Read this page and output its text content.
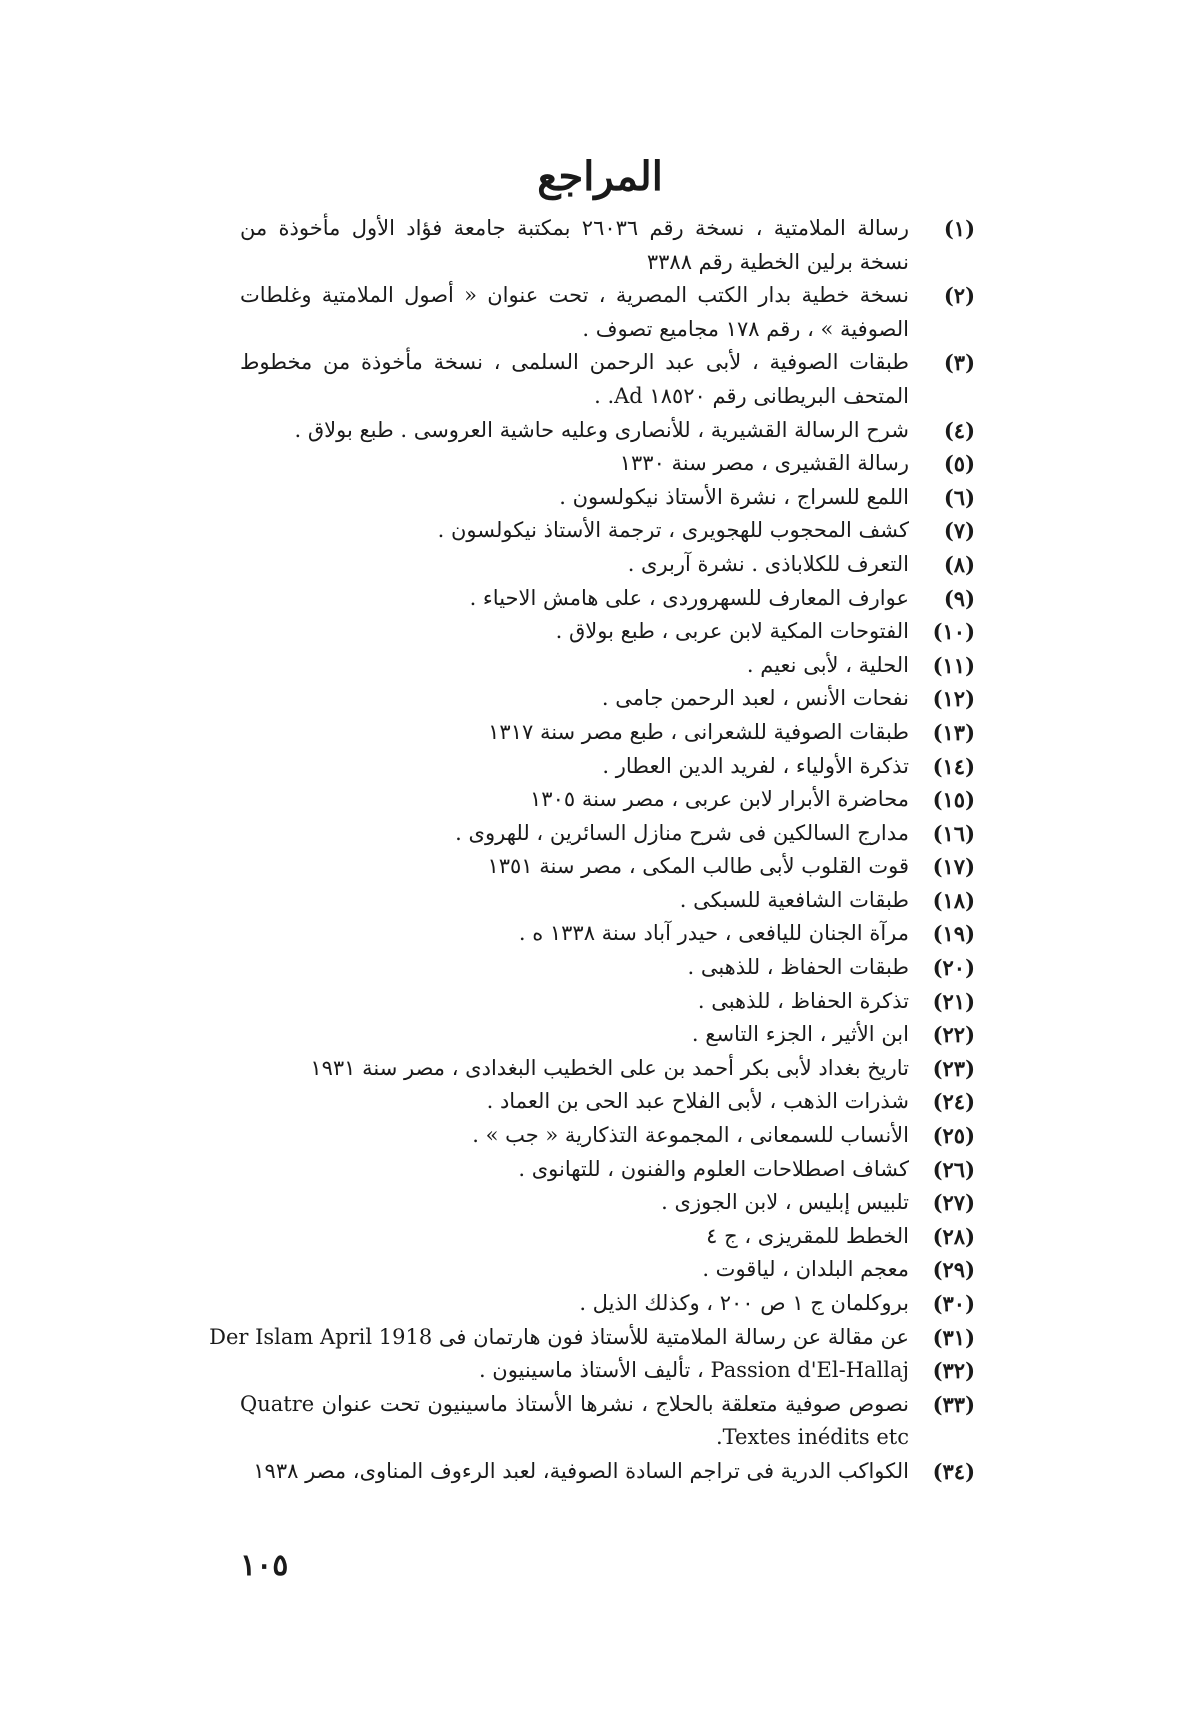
المراجع
(١)
رسالة الملامتية ، نسخة رقم ٢٦٠٣٦ بمكتبة جامعة فؤاد الأول مأخوذة من نسخة برلين الخطية رقم ٣٣٨٨
(٢)
نسخة خطية بدار الكتب المصرية ، تحت عنوان « أصول الملامتية وغلطات الصوفية » ، رقم ١٧٨ مجاميع تصوف .
(٣)
طبقات الصوفية ، لأبى عبد الرحمن السلمى ، نسخة مأخوذة من مخطوط المتحف البريطانى رقم ١٨٥٢٠ Ad. .
(٤)
شرح الرسالة القشيرية ، للأنصارى وعليه حاشية العروسى . طبع بولاق .
(٥)
رسالة القشيرى ، مصر سنة ١٣٣٠
(٦)
اللمع للسراج ، نشرة الأستاذ نيكولسون .
(٧)
كشف المحجوب للهجويرى ، ترجمة الأستاذ نيكولسون .
(٨)
التعرف للكلاباذى . نشرة آربرى .
(٩)
عوارف المعارف للسهروردى ، على هامش الاحياء .
(١٠)
الفتوحات المكية لابن عربى ، طبع بولاق .
(١١)
الحلية ، لأبى نعيم .
(١٢)
نفحات الأنس ، لعبد الرحمن جامى .
(١٣)
طبقات الصوفية للشعرانى ، طبع مصر سنة ١٣١٧
(١٤)
تذكرة الأولياء ، لفريد الدين العطار .
(١٥)
محاضرة الأبرار لابن عربى ، مصر سنة ١٣٠٥
(١٦)
مدارج السالكين فى شرح منازل السائرين ، للهروى .
(١٧)
قوت القلوب لأبى طالب المكى ، مصر سنة ١٣٥١
(١٨)
طبقات الشافعية للسبكى .
(١٩)
مرآة الجنان لليافعى ، حيدر آباد سنة ١٣٣٨ ه .
(٢٠)
طبقات الحفاظ ، للذهبى .
(٢١)
تذكرة الحفاظ ، للذهبى .
(٢٢)
ابن الأثير ، الجزء التاسع .
(٢٣)
تاريخ بغداد لأبى بكر أحمد بن على الخطيب البغدادى ، مصر سنة ١٩٣١
(٢٤)
شذرات الذهب ، لأبى الفلاح عبد الحى بن العماد .
(٢٥)
الأنساب للسمعانى ، المجموعة التذكارية « جب » .
(٢٦)
كشاف اصطلاحات العلوم والفنون ، للتهانوى .
(٢٧)
تلبيس إبليس ، لابن الجوزى .
(٢٨)
الخطط للمقريزى ، ج ٤
(٢٩)
معجم البلدان ، لياقوت .
(٣٠)
بروكلمان ج ١ ص ٢٠٠ ، وكذلك الذيل .
(٣١)
عن مقالة عن رسالة الملامتية للأستاذ فون هارتمان فى Der Islam April 1918
(٣٢)
Passion d'El-Hallaj ، تأليف الأستاذ ماسينيون .
(٣٣)
نصوص صوفية متعلقة بالحلاج ، نشرها الأستاذ ماسينيون تحت عنوان Quatre Textes inédits etc.
(٣٤)
الكواكب الدرية فى تراجم السادة الصوفية، لعبد الرءوف المناوى، مصر ١٩٣٨
١٠٥
